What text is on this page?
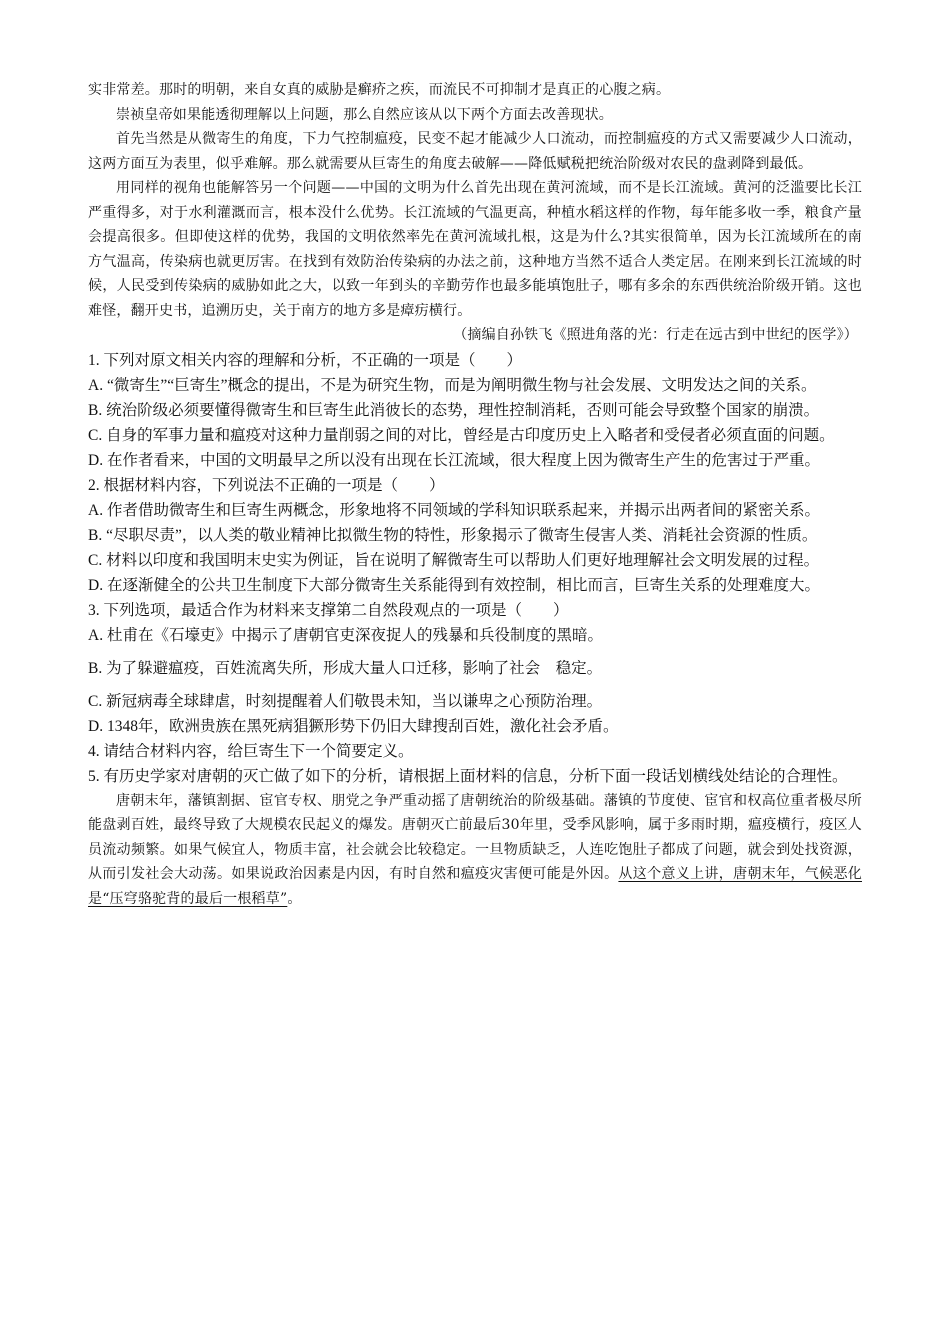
实非常差。那时的明朝，来自女真的威胁是癣疥之疾，而流民不可抑制才是真正的心腹之病。

崇祯皇帝如果能透彻理解以上问题，那么自然应该从以下两个方面去改善现状。

首先当然是从微寄生的角度，下力气控制瘟疫，民变不起才能减少人口流动，而控制瘟疫的方式又需要减少人口流动，这两方面互为表里，似乎难解。那么就需要从巨寄生的角度去破解——降低赋税把统治阶级对农民的盘剥降到最低。

用同样的视角也能解答另一个问题——中国的文明为什么首先出现在黄河流域，而不是长江流域。黄河的泛滥要比长江严重得多，对于水利灌溉而言，根本没什么优势。长江流域的气温更高，种植水稻这样的作物，每年能多收一季，粮食产量会提高很多。但即使这样的优势，我国的文明依然率先在黄河流域扎根，这是为什么?其实很简单，因为长江流域所在的南方气温高，传染病也就更厉害。在找到有效防治传染病的办法之前，这种地方当然不适合人类定居。在刚来到长江流域的时候，人民受到传染病的威胁如此之大，以致一年到头的辛勤劳作也最多能填饱肚子，哪有多余的东西供统治阶级开销。这也难怪，翻开史书，追溯历史，关于南方的地方多是瘴疠横行。

（摘编自孙铁飞《照进角落的光：行走在远古到中世纪的医学》）

1. 下列对原文相关内容的理解和分析，不正确的一项是（　　）

A. “微寄生”“巨寄生”概念的提出，不是为研究生物，而是为阐明微生物与社会发展、文明发达之间的关系。

B. 统治阶级必须要懂得微寄生和巨寄生此消彼长的态势，理性控制消耗，否则可能会导致整个国家的崩溃。

C. 自身的军事力量和瘟疫对这种力量削弱之间的对比，曾经是古印度历史上入略者和受侵者必须直面的问题。

D. 在作者看来，中国的文明最早之所以没有出现在长江流域，很大程度上因为微寄生产生的危害过于严重。

2. 根据材料内容，下列说法不正确的一项是（　　）

A. 作者借助微寄生和巨寄生两概念，形象地将不同领域的学科知识联系起来，并揭示出两者间的紧密关系。

B. “尽职尽责”，以人类的敬业精神比拟微生物的特性，形象揭示了微寄生侵害人类、消耗社会资源的性质。

C. 材料以印度和我国明末史实为例证，旨在说明了解微寄生可以帮助人们更好地理解社会文明发展的过程。

D. 在逐渐健全的公共卫生制度下大部分微寄生关系能得到有效控制，相比而言，巨寄生关系的处理难度大。

3. 下列选项，最适合作为材料来支撑第二自然段观点的一项是（　　）

A. 杜甫在《石壕吏》中揭示了唐朝官吏深夜捉人的残暴和兵役制度的黑暗。

B. 为了躲避瘟疫，百姓流离失所，形成大量人口迁移，影响了社会　稳定。

C. 新冠病毒全球肆虐，时刻提醒着人们敬畏未知，当以谦卑之心预防治理。

D. 1348年，欧洲贵族在黑死病猖獗形势下仍旧大肆搜刮百姓，激化社会矛盾。

4. 请结合材料内容，给巨寄生下一个简要定义。

5. 有历史学家对唐朝的灭亡做了如下的分析，请根据上面材料的信息，分析下面一段话划横线处结论的合理性。

唐朝末年，藩镇割据、宦官专权、朋党之争严重动摇了唐朝统治的阶级基础。藩镇的节度使、宦官和权高位重者极尽所能盘剥百姓，最终导致了大规模农民起义的爆发。唐朝灭亡前最后30年里，受季风影响，属于多雨时期，瘟疫横行，疫区人员流动频繁。如果气候宜人，物质丰富，社会就会比较稳定。一旦物质缺乏，人连吃饱肚子都成了问题，就会到处找资源，从而引发社会大动荡。如果说政治因素是内因，有时自然和瘟疫灾害便可能是外因。从这个意义上讲，唐朝末年，气候恶化是“压穹骆驼背的最后一根稻草”。
